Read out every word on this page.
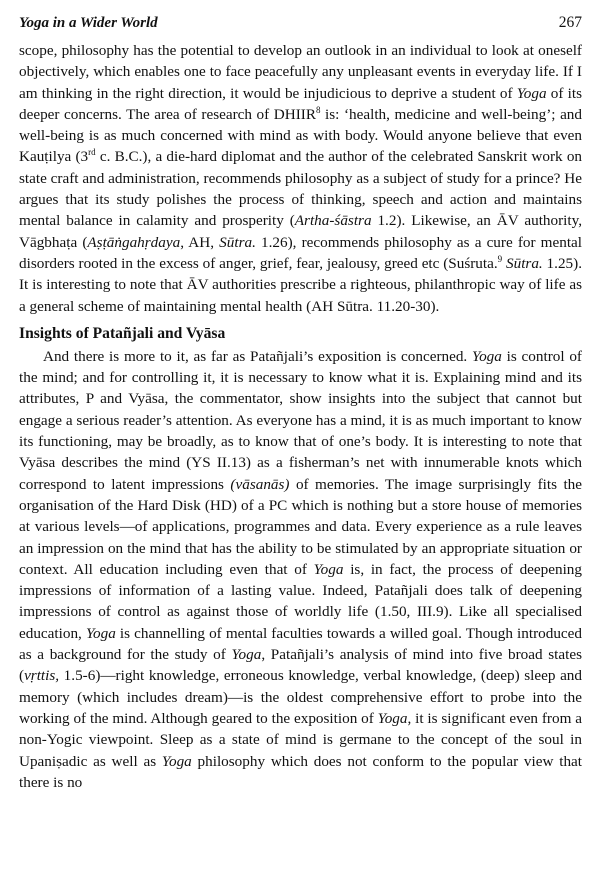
Yoga in a Wider World	267

scope, philosophy has the potential to develop an outlook in an individual to look at oneself objectively, which enables one to face peacefully any unpleasant events in everyday life. If I am thinking in the right direction, it would be injudicious to deprive a student of Yoga of its deeper concerns. The area of research of DHIIR$^8$ is: ‘health, medicine and well-being’; and well-being is as much concerned with mind as with body. Would anyone believe that even Kauṭilya (3rd c. B.C.), a die-hard diplomat and the author of the celebrated Sanskrit work on state craft and administration, recommends philosophy as a subject of study for a prince? He argues that its study polishes the process of thinking, speech and action and maintains mental balance in calamity and prosperity (Artha-śāstra 1.2). Likewise, an ĀV authority, Vāgbhaṭa (Aṣṭāṅgahṛdaya, AH, Sūtra. 1.26), recommends philosophy as a cure for mental disorders rooted in the excess of anger, grief, fear, jealousy, greed etc (Suśruta.$^9$ Sūtra. 1.25). It is interesting to note that ĀV authorities prescribe a righteous, philanthropic way of life as a general scheme of maintaining mental health (AH Sūtra. 11.20-30).

Insights of Patañjali and Vyāsa

And there is more to it, as far as Patañjali’s exposition is concerned. Yoga is control of the mind; and for controlling it, it is necessary to know what it is. Explaining mind and its attributes, P and Vyāsa, the commentator, show insights into the subject that cannot but engage a serious reader’s attention. As everyone has a mind, it is as much important to know its functioning, may be broadly, as to know that of one’s body. It is interesting to note that Vyāsa describes the mind (YS II.13) as a fisherman’s net with innumerable knots which correspond to latent impressions (vāsanās) of memories. The image surprisingly fits the organisation of the Hard Disk (HD) of a PC which is nothing but a store house of memories at various levels—of applications, programmes and data. Every experience as a rule leaves an impression on the mind that has the ability to be stimulated by an appropriate situation or context. All education including even that of Yoga is, in fact, the process of deepening impressions of information of a lasting value. Indeed, Patañjali does talk of deepening impressions of control as against those of worldly life (1.50, III.9). Like all specialised education, Yoga is channelling of mental faculties towards a willed goal. Though introduced as a background for the study of Yoga, Patañjali’s analysis of mind into five broad states (vṛttis, 1.5-6)—right knowledge, erroneous knowledge, verbal knowledge, (deep) sleep and memory (which includes dream)—is the oldest comprehensive effort to probe into the working of the mind. Although geared to the exposition of Yoga, it is significant even from a non-Yogic viewpoint. Sleep as a state of mind is germane to the concept of the soul in Upaniṣadic as well as Yoga philosophy which does not conform to the popular view that there is no
